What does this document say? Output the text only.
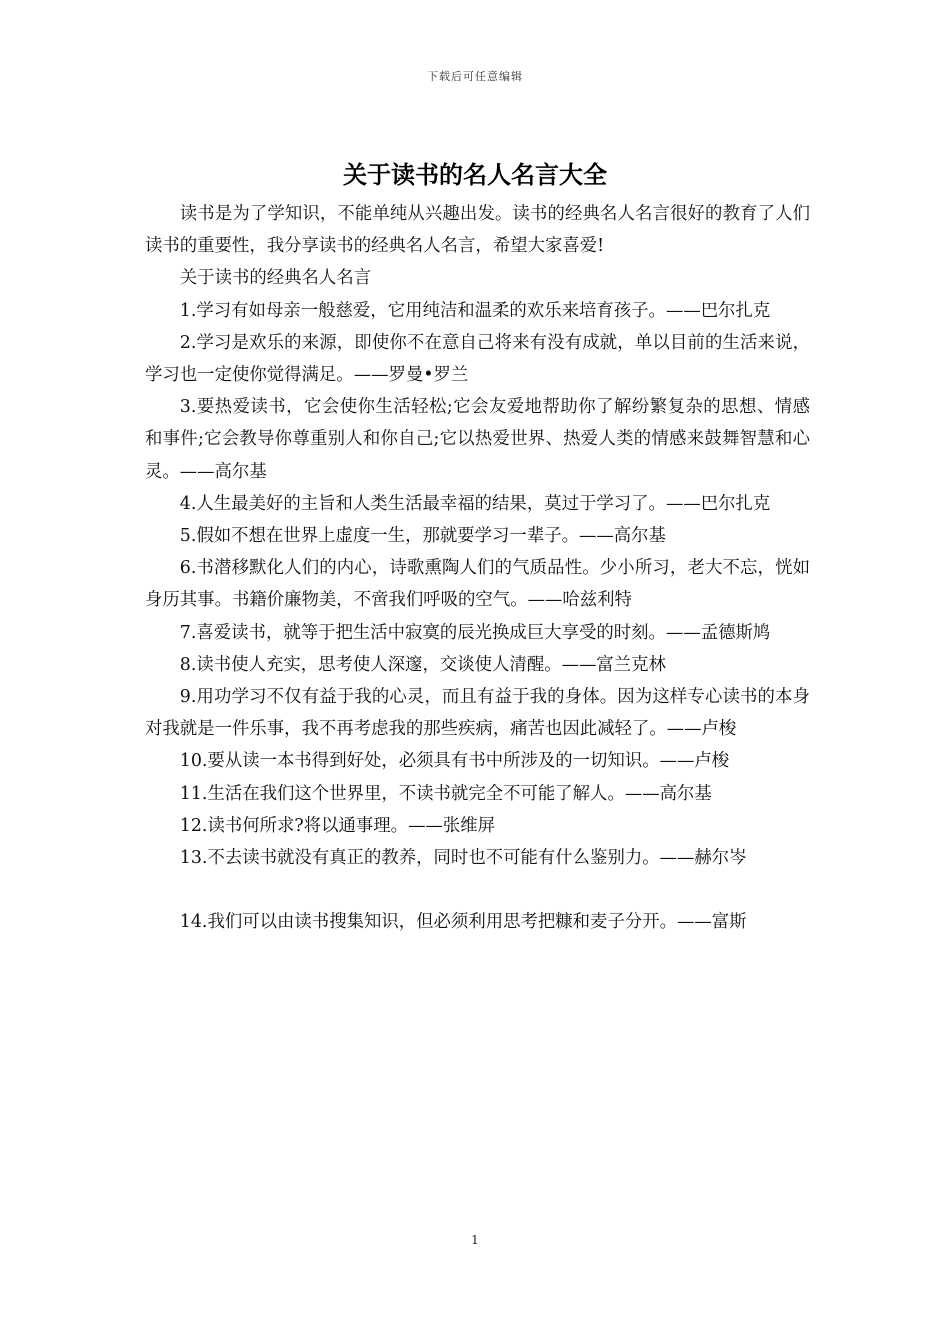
下载后可任意编辑
关于读书的名人名言大全

读书是为了学知识，不能单纯从兴趣出发。读书的经典名人名言很好的教育了人们读书的重要性，我分享读书的经典名人名言，希望大家喜爱!

关于读书的经典名人名言

1.学习有如母亲一般慈爱，它用纯洁和温柔的欢乐来培育孩子。——巴尔扎克

2.学习是欢乐的来源，即使你不在意自己将来有没有成就，单以目前的生活来说，学习也一定使你觉得满足。——罗曼•罗兰

3.要热爱读书，它会使你生活轻松;它会友爱地帮助你了解纷繁复杂的思想、情感和事件;它会教导你尊重别人和你自己;它以热爱世界、热爱人类的情感来鼓舞智慧和心灵。——高尔基

4.人生最美好的主旨和人类生活最幸福的结果，莫过于学习了。——巴尔扎克

5.假如不想在世界上虚度一生，那就要学习一辈子。——高尔基

6.书潜移默化人们的内心，诗歌熏陶人们的气质品性。少小所习，老大不忘，恍如身历其事。书籍价廉物美，不啻我们呼吸的空气。——哈兹利特

7.喜爱读书，就等于把生活中寂寞的辰光换成巨大享受的时刻。——孟德斯鸠

8.读书使人充实，思考使人深邃，交谈使人清醒。——富兰克林

9.用功学习不仅有益于我的心灵，而且有益于我的身体。因为这样专心读书的本身对我就是一件乐事，我不再考虑我的那些疾病，痛苦也因此减轻了。——卢梭

10.要从读一本书得到好处，必须具有书中所涉及的一切知识。——卢梭

11.生活在我们这个世界里，不读书就完全不可能了解人。——高尔基

12.读书何所求?将以通事理。——张维屏

13.不去读书就没有真正的教养，同时也不可能有什么鉴别力。——赫尔岑

14.我们可以由读书搜集知识，但必须利用思考把糠和麦子分开。——富斯

1
